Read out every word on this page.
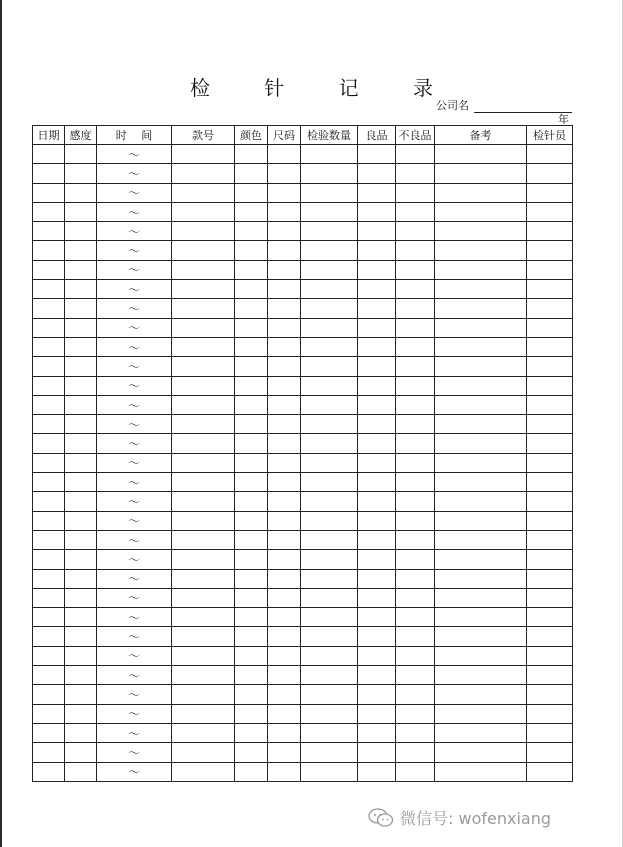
检 针 记 录
公司名
年
日期	感度	时　 间	款号	颜色	尺码	检验数量	良品	不良品	备考	检针员
		～								
		～								
		～								
		～								
		～								
		～								
		～								
		～								
		～								
		～								
		～								
		～								
		～								
		～								
		～								
		～								
		～								
		～								
		～								
		～								
		～								
		～								
		～								
		～								
		～								
		～								
		～								
		～								
		～								
		～								
		～								
		～								
		～								
微信号: wofenxiang
